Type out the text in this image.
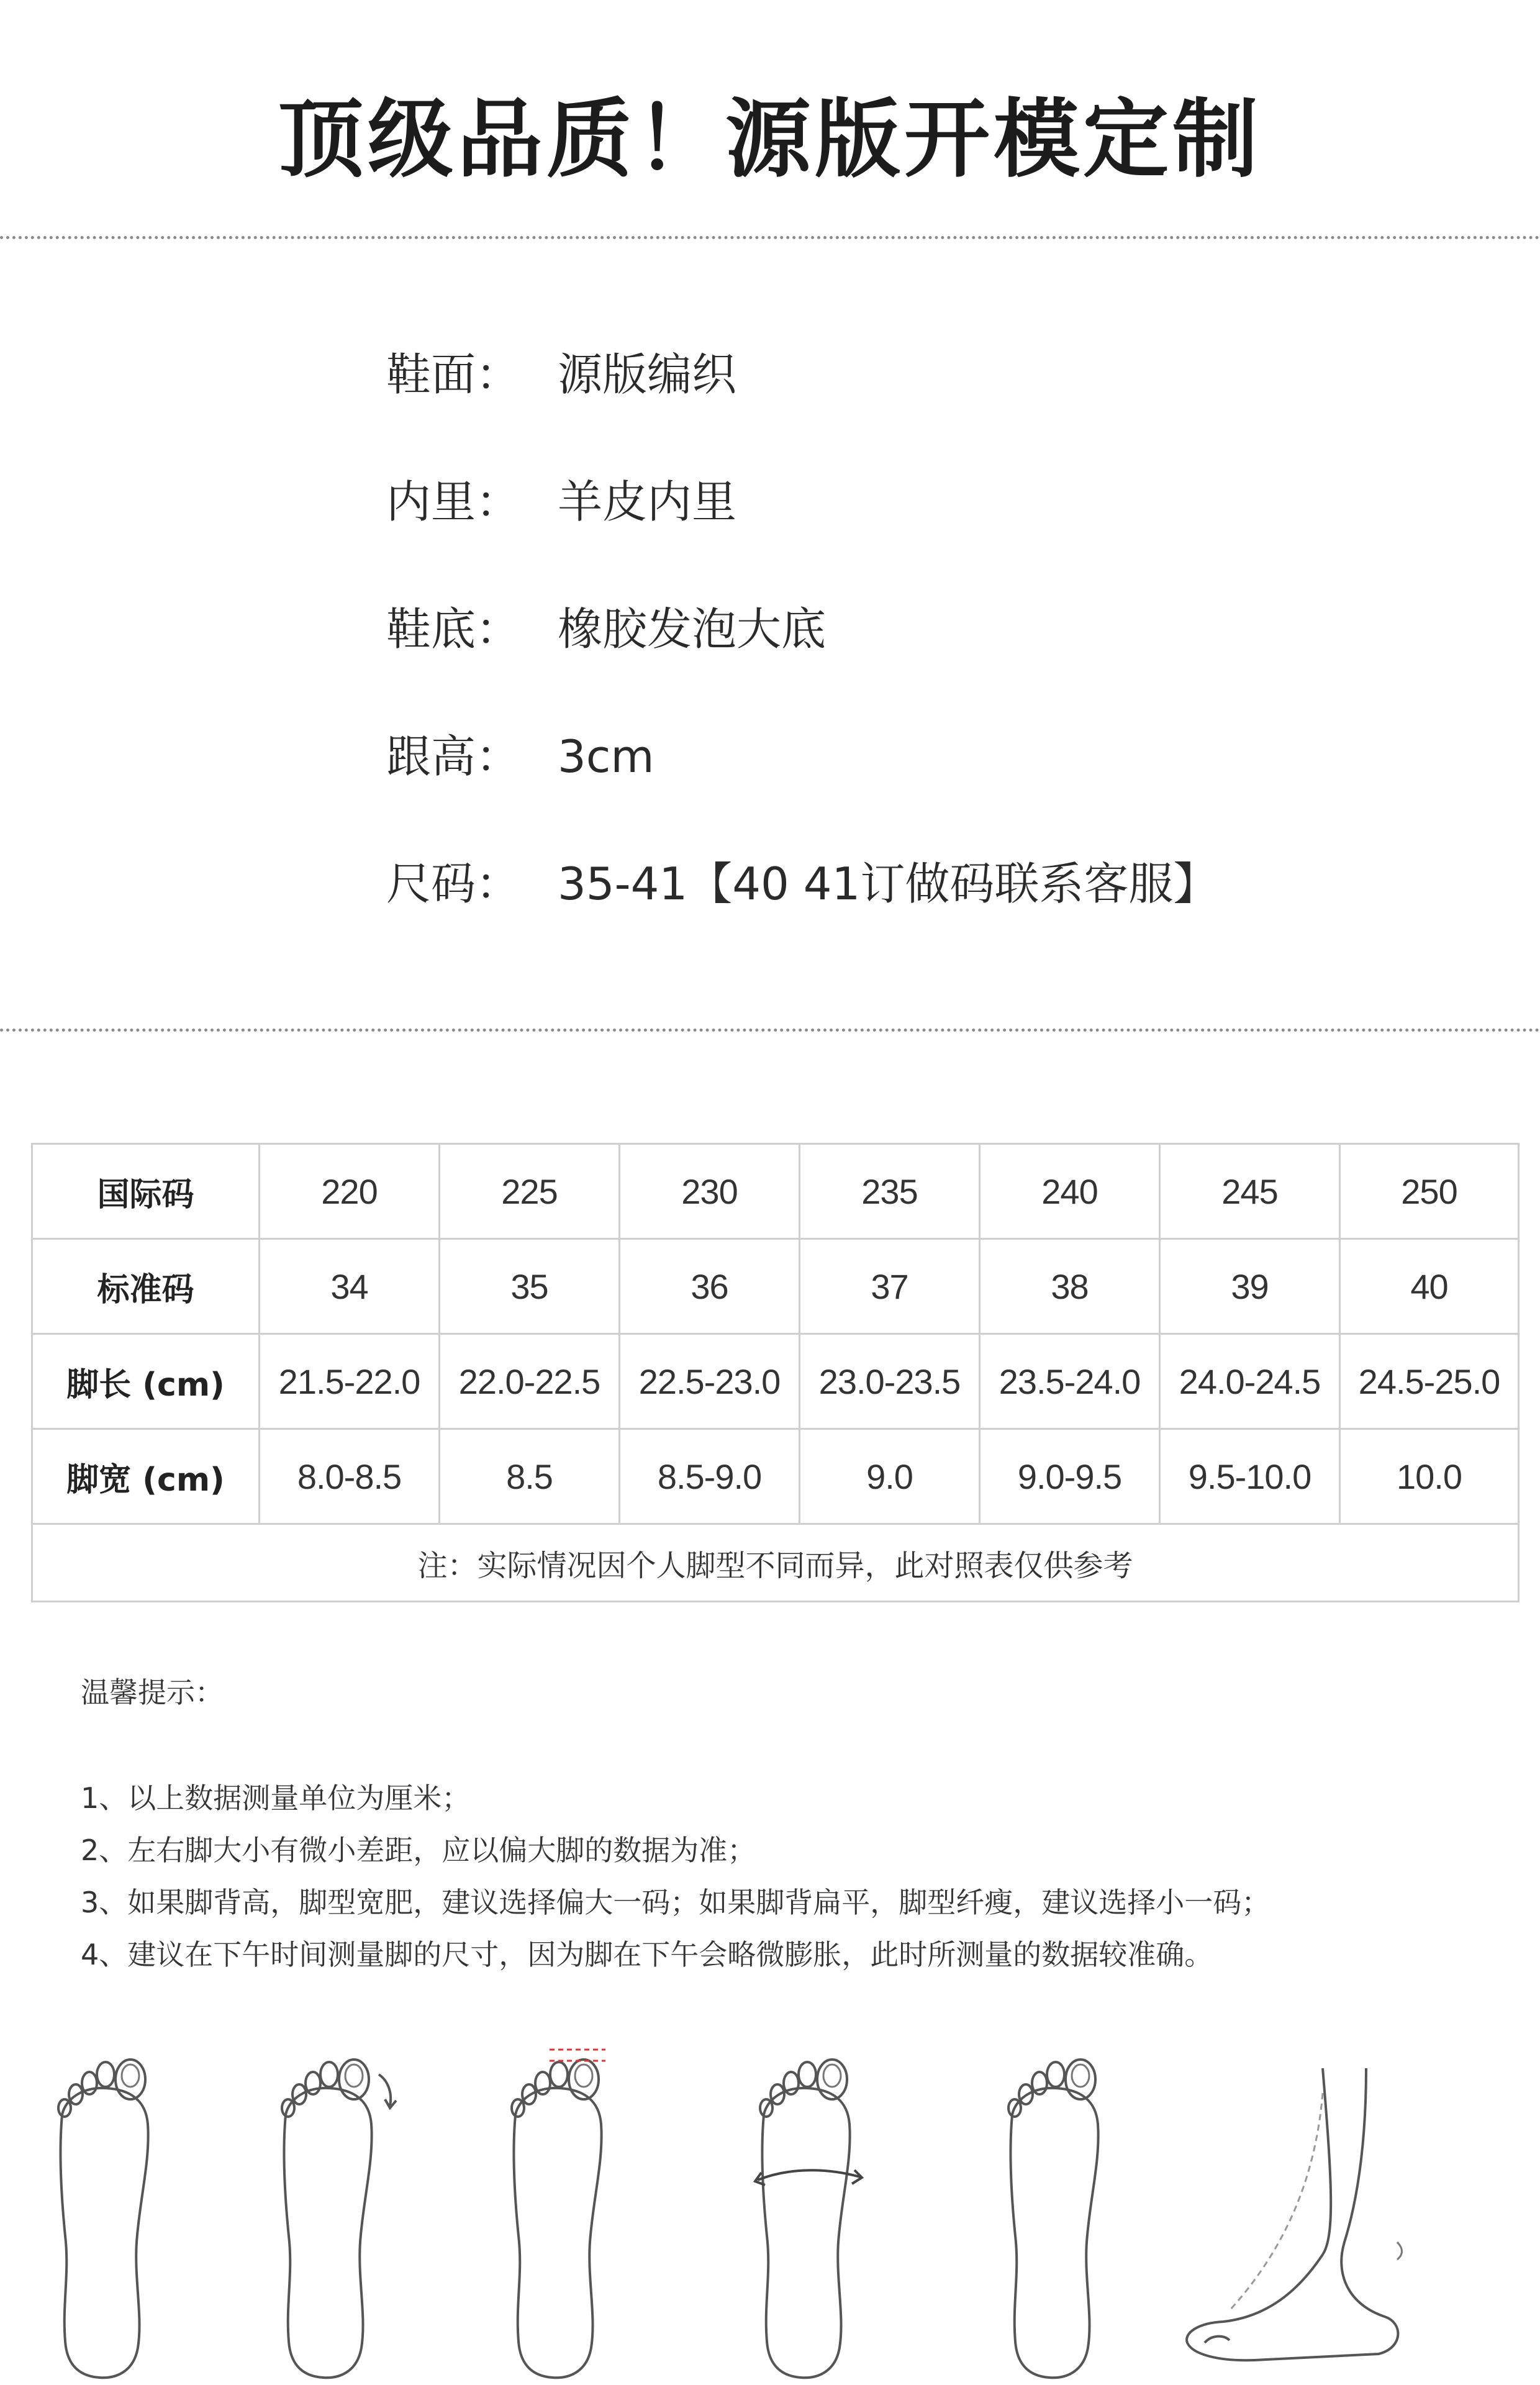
顶级品质！源版开模定制
鞋面： 源版编织
内里： 羊皮内里
鞋底： 橡胶发泡大底
跟高： 3cm
尺码： 35-41【40 41订做码联系客服】
国际码	220	225	230	235	240	245	250
标准码	34	35	36	37	38	39	40
脚长 (cm)	21.5-22.0	22.0-22.5	22.5-23.0	23.0-23.5	23.5-24.0	24.0-24.5	24.5-25.0
脚宽 (cm)	8.0-8.5	8.5	8.5-9.0	9.0	9.0-9.5	9.5-10.0	10.0
注：实际情况因个人脚型不同而异，此对照表仅供参考							
温馨提示：
1、以上数据测量单位为厘米；
2、左右脚大小有微小差距，应以偏大脚的数据为准；
3、如果脚背高，脚型宽肥，建议选择偏大一码；如果脚背扁平，脚型纤瘦，建议选择小一码；
4、建议在下午时间测量脚的尺寸，因为脚在下午会略微膨胀，此时所测量的数据较准确。
